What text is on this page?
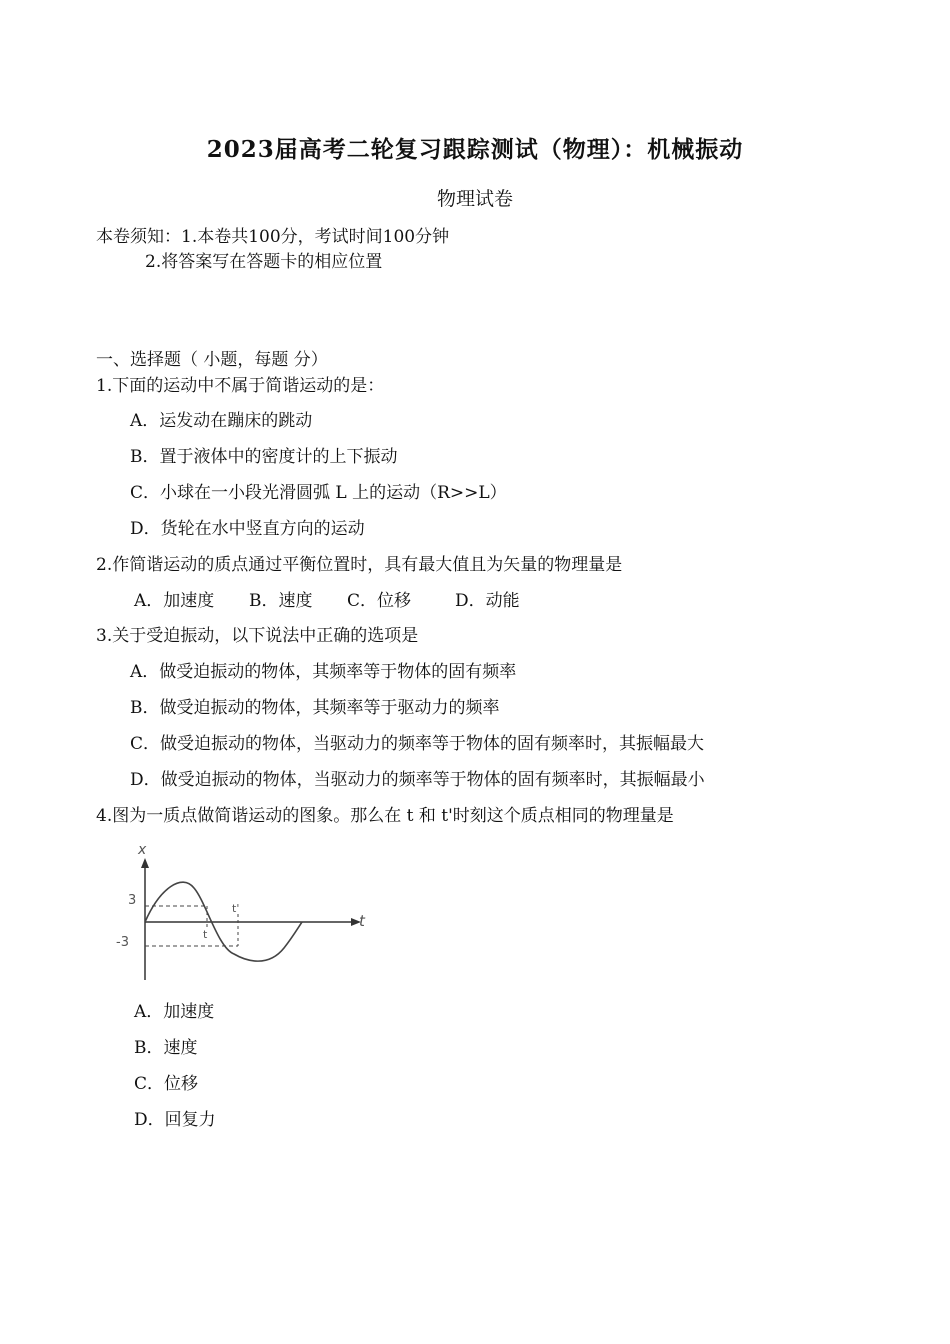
2023届高考二轮复习跟踪测试（物理）：机械振动
物理试卷
本卷须知：1.本卷共100分，考试时间100分钟
2.将答案写在答题卡的相应位置
一、选择题（ 小题，每题 分）
1.下面的运动中不属于简谐运动的是：
A．运发动在蹦床的跳动
B．置于液体中的密度计的上下振动
C．小球在一小段光滑圆弧 L 上的运动（R>>L）
D．货轮在水中竖直方向的运动
2.作简谐运动的质点通过平衡位置时，具有最大值且为矢量的物理量是
A．加速度 B．速度 C．位移	D．动能
3.关于受迫振动，以下说法中正确的选项是
A．做受迫振动的物体，其频率等于物体的固有频率
B．做受迫振动的物体，其频率等于驱动力的频率
C．做受迫振动的物体，当驱动力的频率等于物体的固有频率时，其振幅最大
D．做受迫振动的物体，当驱动力的频率等于物体的固有频率时，其振幅最小
4.图为一质点做简谐运动的图象。那么在 t 和 t'时刻这个质点相同的物理量是
x
t
3
-3
t
t'
A．加速度
B．速度
C．位移
D．回复力
